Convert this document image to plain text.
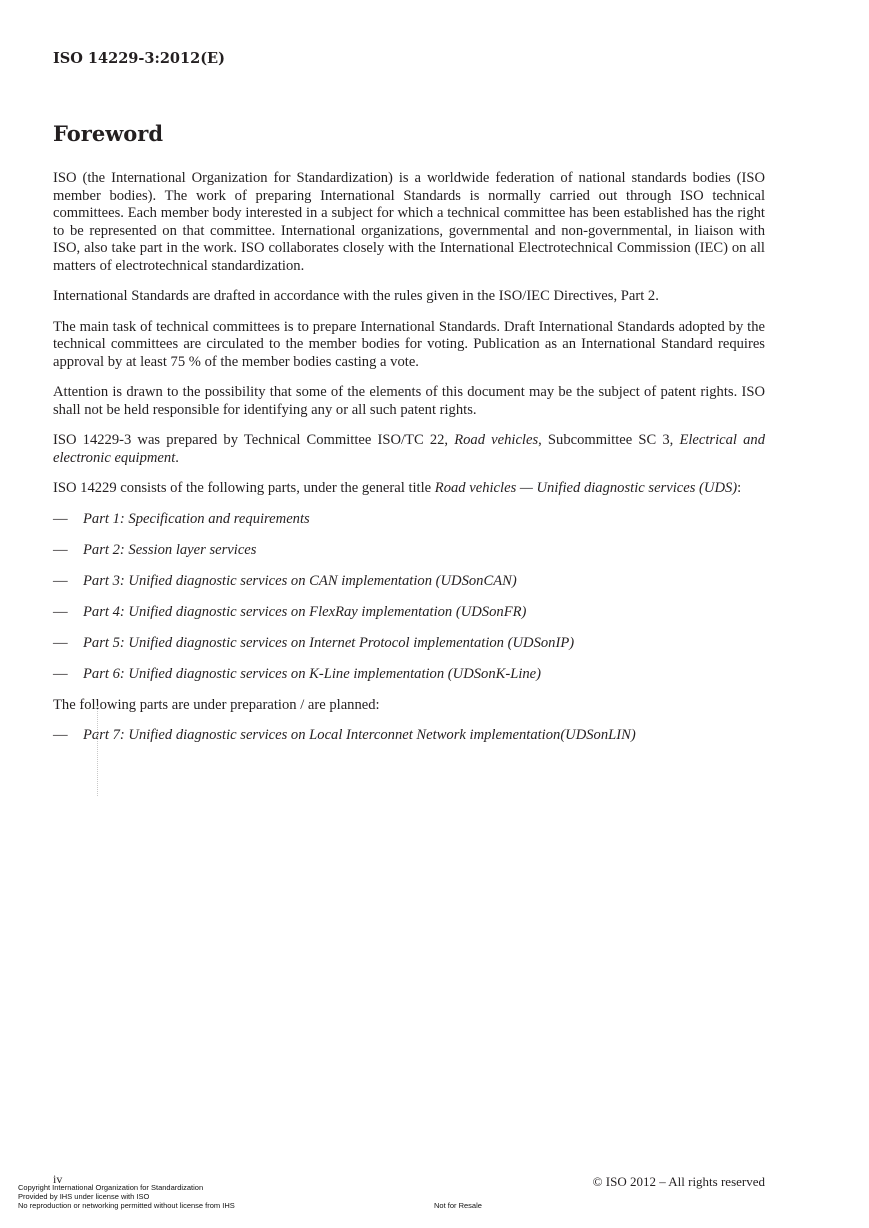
ISO 14229-3:2012(E)
Foreword

ISO (the International Organization for Standardization) is a worldwide federation of national standards bodies (ISO member bodies). The work of preparing International Standards is normally carried out through ISO technical committees. Each member body interested in a subject for which a technical committee has been established has the right to be represented on that committee. International organizations, governmental and non-governmental, in liaison with ISO, also take part in the work. ISO collaborates closely with the International Electrotechnical Commission (IEC) on all matters of electrotechnical standardization.

International Standards are drafted in accordance with the rules given in the ISO/IEC Directives, Part 2.

The main task of technical committees is to prepare International Standards. Draft International Standards adopted by the technical committees are circulated to the member bodies for voting. Publication as an International Standard requires approval by at least 75 % of the member bodies casting a vote.

Attention is drawn to the possibility that some of the elements of this document may be the subject of patent rights. ISO shall not be held responsible for identifying any or all such patent rights.

ISO 14229-3 was prepared by Technical Committee ISO/TC 22, Road vehicles, Subcommittee SC 3, Electrical and electronic equipment.

ISO 14229 consists of the following parts, under the general title Road vehicles — Unified diagnostic services (UDS):

— Part 1: Specification and requirements
— Part 2: Session layer services
— Part 3: Unified diagnostic services on CAN implementation (UDSonCAN)
— Part 4: Unified diagnostic services on FlexRay implementation (UDSonFR)
— Part 5: Unified diagnostic services on Internet Protocol implementation (UDSonIP)
— Part 6: Unified diagnostic services on K-Line implementation (UDSonK-Line)

The following parts are under preparation / are planned:

— Part 7: Unified diagnostic services on Local Interconnet Network implementation(UDSonLIN)
iv	© ISO 2012 – All rights reserved
Copyright International Organization for Standardization
Provided by IHS under license with ISO
No reproduction or networking permitted without license from IHS	Not for Resale
